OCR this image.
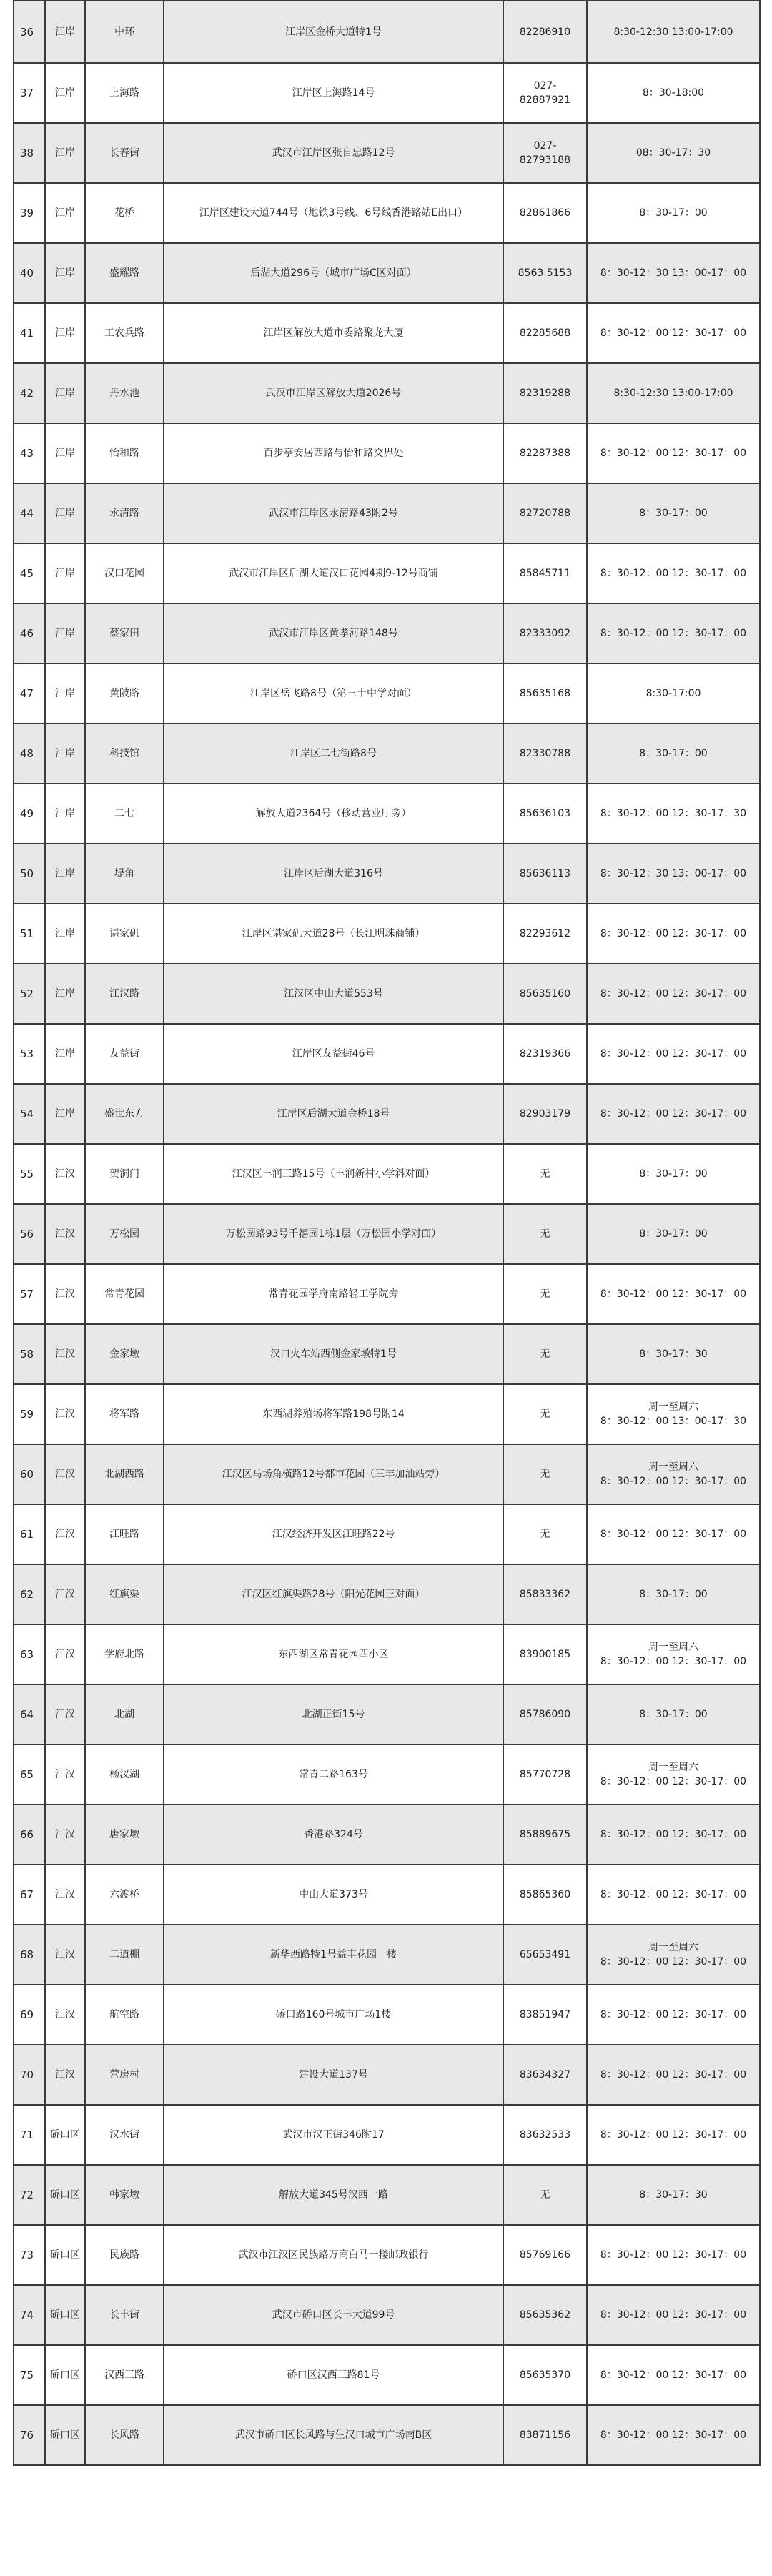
36	江岸	中环	江岸区金桥大道特1号	82286910	8:30-12:30 13:00-17:00
37	江岸	上海路	江岸区上海路14号	027-82887921	8：30-18:00
38	江岸	长春街	武汉市江岸区张自忠路12号	027-82793188	08：30-17：30
39	江岸	花桥	江岸区建设大道744号（地铁3号线、6号线香港路站E出口）	82861866	8：30-17：00
40	江岸	盛耀路	后湖大道296号（城市广场C区对面）	8563 5153	8：30-12：30 13：00-17：00
41	江岸	工农兵路	江岸区解放大道市委路聚龙大厦	82285688	8：30-12：00 12：30-17：00
42	江岸	丹水池	武汉市江岸区解放大道2026号	82319288	8:30-12:30 13:00-17:00
43	江岸	怡和路	百步亭安居西路与怡和路交界处	82287388	8：30-12：00 12：30-17：00
44	江岸	永清路	武汉市江岸区永清路43附2号	82720788	8：30-17：00
45	江岸	汉口花园	武汉市江岸区后湖大道汉口花园4期9-12号商铺	85845711	8：30-12：00 12：30-17：00
46	江岸	蔡家田	武汉市江岸区黄孝河路148号	82333092	8：30-12：00 12：30-17：00
47	江岸	黄陂路	江岸区岳飞路8号（第三十中学对面）	85635168	8:30-17:00
48	江岸	科技馆	江岸区二七街路8号	82330788	8：30-17：00
49	江岸	二七	解放大道2364号（移动营业厅旁）	85636103	8：30-12：00 12：30-17：30
50	江岸	堤角	江岸区后湖大道316号	85636113	8：30-12：30 13：00-17：00
51	江岸	谌家矶	江岸区谌家矶大道28号（长江明珠商铺）	82293612	8：30-12：00 12：30-17：00
52	江岸	江汉路	江汉区中山大道553号	85635160	8：30-12：00 12：30-17：00
53	江岸	友益街	江岸区友益街46号	82319366	8：30-12：00 12：30-17：00
54	江岸	盛世东方	江岸区后湖大道金桥18号	82903179	8：30-12：00 12：30-17：00
55	江汉	贺洞门	江汉区丰润三路15号（丰润新村小学斜对面）	无	8：30-17：00
56	江汉	万松园	万松园路93号千禧园1栋1层（万松园小学对面）	无	8：30-17：00
57	江汉	常青花园	常青花园学府南路轻工学院旁	无	8：30-12：00 12：30-17：00
58	江汉	金家墩	汉口火车站西侧金家墩特1号	无	8：30-17：30
59	江汉	将军路	东西湖养殖场将军路198号附14	无	周一至周六
8：30-12：00 13：00-17：30
60	江汉	北湖西路	江汉区马场角横路12号都市花园（三丰加油站旁）	无	周一至周六
8：30-12：00 12：30-17：00
61	江汉	江旺路	江汉经济开发区江旺路22号	无	8：30-12：00 12：30-17：00
62	江汉	红旗渠	江汉区红旗渠路28号（阳光花园正对面）	85833362	8：30-17：00
63	江汉	学府北路	东西湖区常青花园四小区	83900185	周一至周六
8：30-12：00 12：30-17：00
64	江汉	北湖	北湖正街15号	85786090	8：30-17：00
65	江汉	杨汊湖	常青二路163号	85770728	周一至周六
8：30-12：00 12：30-17：00
66	江汉	唐家墩	香港路324号	85889675	8：30-12：00 12：30-17：00
67	江汉	六渡桥	中山大道373号	85865360	8：30-12：00 12：30-17：00
68	江汉	二道棚	新华西路特1号益丰花园一楼	65653491	周一至周六
8：30-12：00 12：30-17：00
69	江汉	航空路	硚口路160号城市广场1楼	83851947	8：30-12：00 12：30-17：00
70	江汉	营房村	建设大道137号	83634327	8：30-12：00 12：30-17：00
71	硚口区	汉水街	武汉市汉正街346附17	83632533	8：30-12：00 12：30-17：00
72	硚口区	韩家墩	解放大道345号汉西一路	无	8：30-17：30
73	硚口区	民族路	武汉市江汉区民族路万商白马一楼邮政银行	85769166	8：30-12：00 12：30-17：00
74	硚口区	长丰街	武汉市硚口区长丰大道99号	85635362	8：30-12：00 12：30-17：00
75	硚口区	汉西三路	硚口区汉西三路81号	85635370	8：30-12：00 12：30-17：00
76	硚口区	长风路	武汉市硚口区长风路与生汉口城市广场南B区	83871156	8：30-12：00 12：30-17：00
